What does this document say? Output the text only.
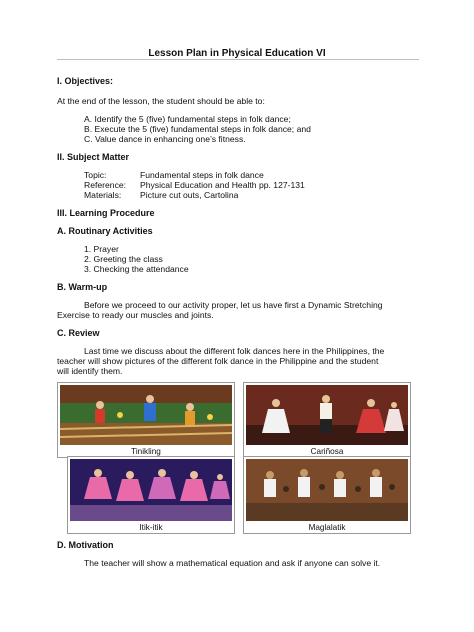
Lesson Plan in Physical Education VI
I. Objectives:
At the end of the lesson, the student should be able to:
A. Identify the 5 (five) fundamental steps in folk dance;
B. Execute the 5 (five) fundamental steps in folk dance; and
C. Value dance in enhancing one’s fitness.
II. Subject Matter
Topic:	Fundamental steps in folk dance
Reference: Physical Education and Health pp. 127-131
Materials: Picture cut outs, Cartolina
III. Learning Procedure
A. Routinary Activities
1. Prayer
2. Greeting the class
3. Checking the attendance
B. Warm-up
Before we proceed to our activity proper, let us have first a Dynamic Stretching
Exercise to ready our muscles and joints.
C. Review
Last time we discuss about the different folk dances here in the Philippines, the
teacher will show pictures of the different folk dance in the Philippine and the student
will identify them.
Tinikling	Cariñosa
Itik-itik	Maglalatik
D. Motivation
The teacher will show a mathematical equation and ask if anyone can solve it.
